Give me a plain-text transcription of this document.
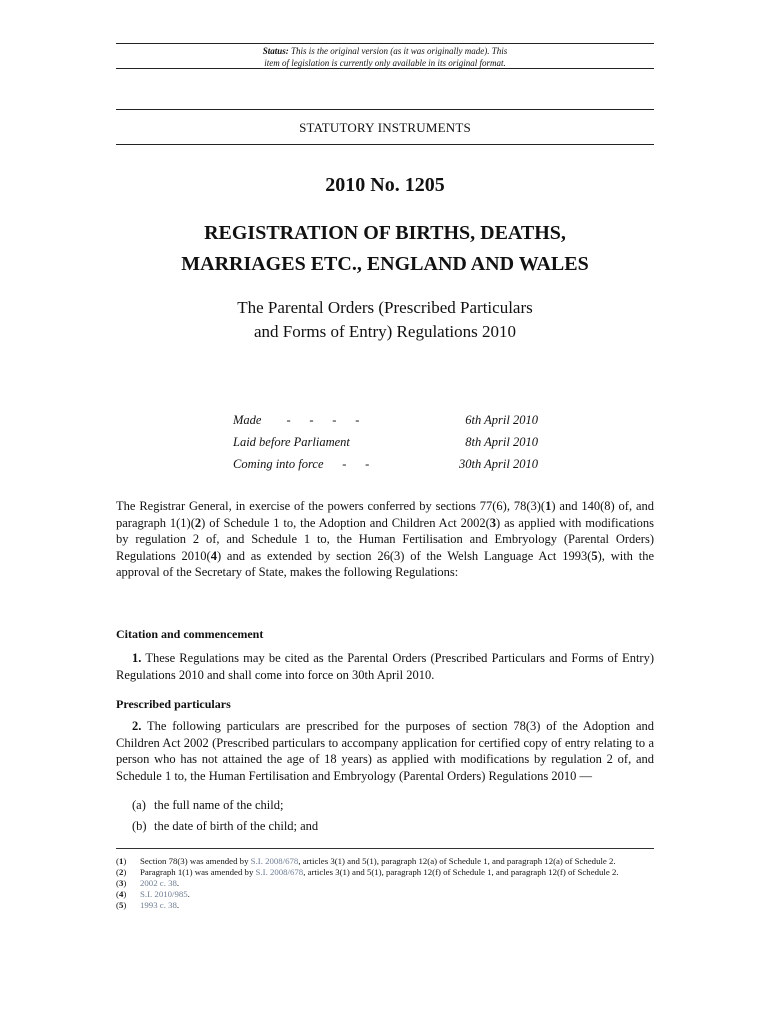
Status: This is the original version (as it was originally made). This
item of legislation is currently only available in its original format.
STATUTORY INSTRUMENTS
2010 No. 1205
REGISTRATION OF BIRTHS, DEATHS,
MARRIAGES ETC., ENGLAND AND WALES
The Parental Orders (Prescribed Particulars
and Forms of Entry) Regulations 2010
Made        -      -      -      -	6th April 2010
Laid before Parliament	8th April 2010
Coming into force      -      -	30th April 2010
The Registrar General, in exercise of the powers conferred by sections 77(6), 78(3)(1) and 140(8) of, and paragraph 1(1)(2) of Schedule 1 to, the Adoption and Children Act 2002(3) as applied with modifications by regulation 2 of, and Schedule 1 to, the Human Fertilisation and Embryology (Parental Orders) Regulations 2010(4) and as extended by section 26(3) of the Welsh Language Act 1993(5), with the approval of the Secretary of State, makes the following Regulations:
Citation and commencement
1. These Regulations may be cited as the Parental Orders (Prescribed Particulars and Forms of Entry) Regulations 2010 and shall come into force on 30th April 2010.
Prescribed particulars
2. The following particulars are prescribed for the purposes of section 78(3) of the Adoption and Children Act 2002 (Prescribed particulars to accompany application for certified copy of entry relating to a person who has not attained the age of 18 years) as applied with modifications by regulation 2 of, and Schedule 1 to, the Human Fertilisation and Embryology (Parental Orders) Regulations 2010 —
(a) the full name of the child;
(b) the date of birth of the child; and
(1)	Section 78(3) was amended by S.I. 2008/678, articles 3(1) and 5(1), paragraph 12(a) of Schedule 1, and paragraph 12(a) of Schedule 2.
(2)	Paragraph 1(1) was amended by S.I. 2008/678, articles 3(1) and 5(1), paragraph 12(f) of Schedule 1, and paragraph 12(f) of Schedule 2.
(3)	2002 c. 38.
(4)	S.I. 2010/985.
(5)	1993 c. 38.
